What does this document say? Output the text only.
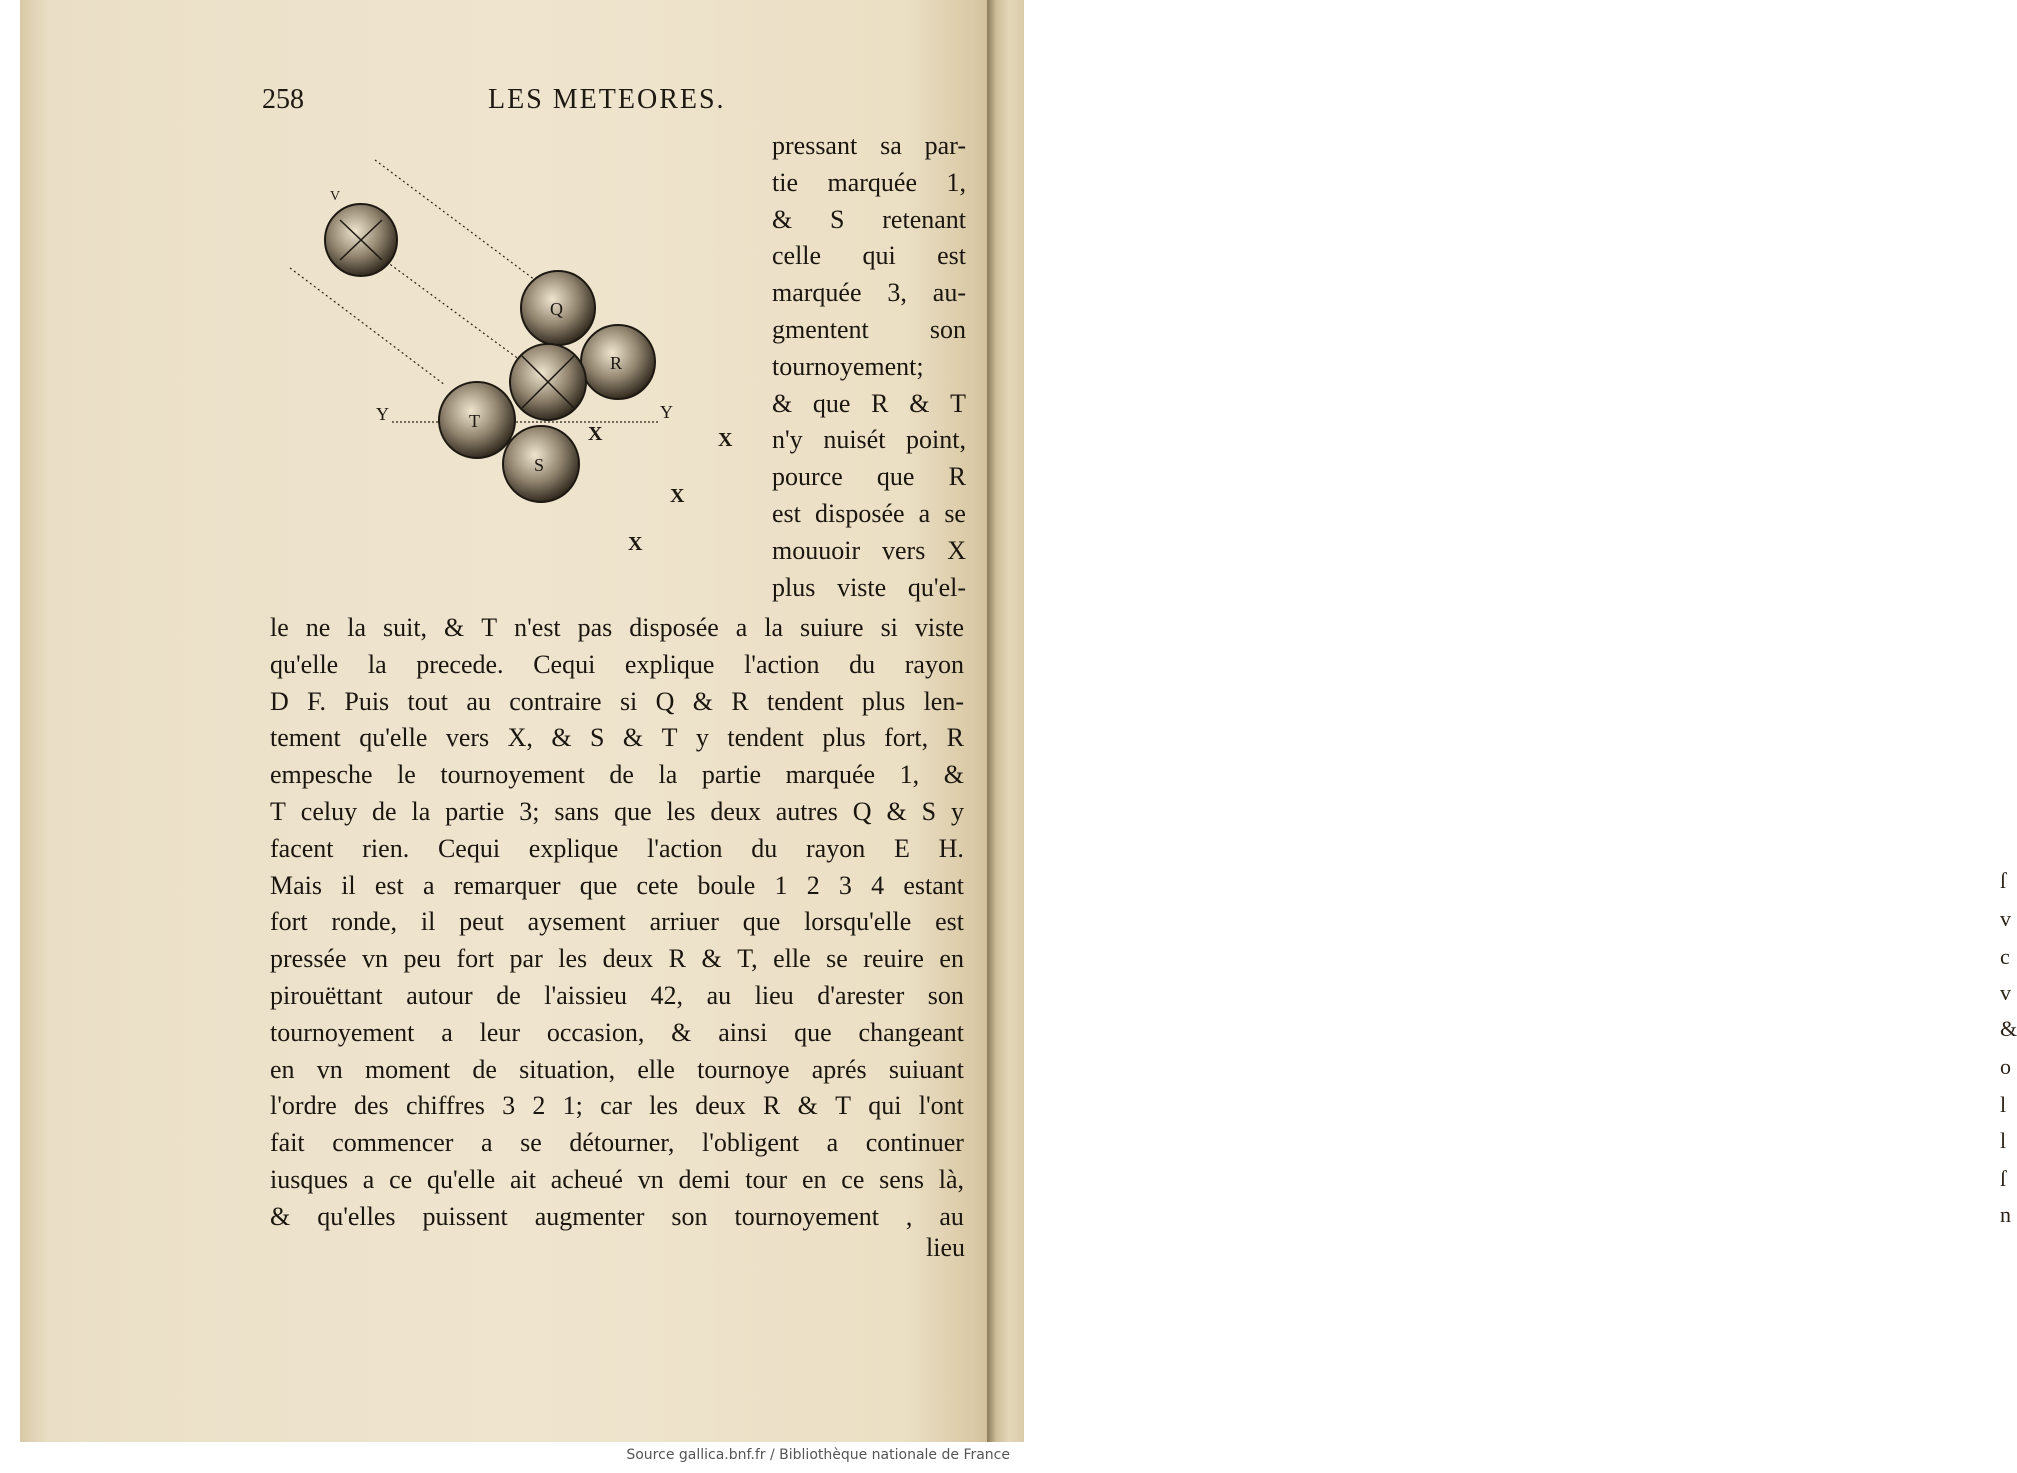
ſ
v
c
v
&
o
l
l
ſ
n
258	LES METEORES.
V
Q
R
T
S
Y	Y
X	X
X
X
pressant sa par-
tie marquée 1,
& S retenant
celle qui est
marquée 3, au-
gmentent son
tournoyement;
& que R & T
n'y nuisét point,
pource que R
est disposée a se
mouuoir vers X
plus viste qu'el-
le ne la suit, & T n'est pas disposée a la suiure si viste
qu'elle la precede. Cequi explique l'action du rayon
D F. Puis tout au contraire si Q & R tendent plus len-
tement qu'elle vers X, & S & T y tendent plus fort, R
empesche le tournoyement de la partie marquée 1, &
T celuy de la partie 3; sans que les deux autres Q & S y
facent rien. Cequi explique l'action du rayon E H.
Mais il est a remarquer que cete boule 1 2 3 4 estant
fort ronde, il peut aysement arriuer que lorsqu'elle est
pressée vn peu fort par les deux R & T, elle se reuire en
pirouëttant autour de l'aissieu 42, au lieu d'arester son
tournoyement a leur occasion, & ainsi que changeant
en vn moment de situation, elle tournoye aprés suiuant
l'ordre des chiffres 3 2 1; car les deux R & T qui l'ont
fait commencer a se détourner, l'obligent a continuer
iusques a ce qu'elle ait acheué vn demi tour en ce sens là,
& qu'elles puissent augmenter son tournoyement , au
lieu
Source gallica.bnf.fr / Bibliothèque nationale de France
